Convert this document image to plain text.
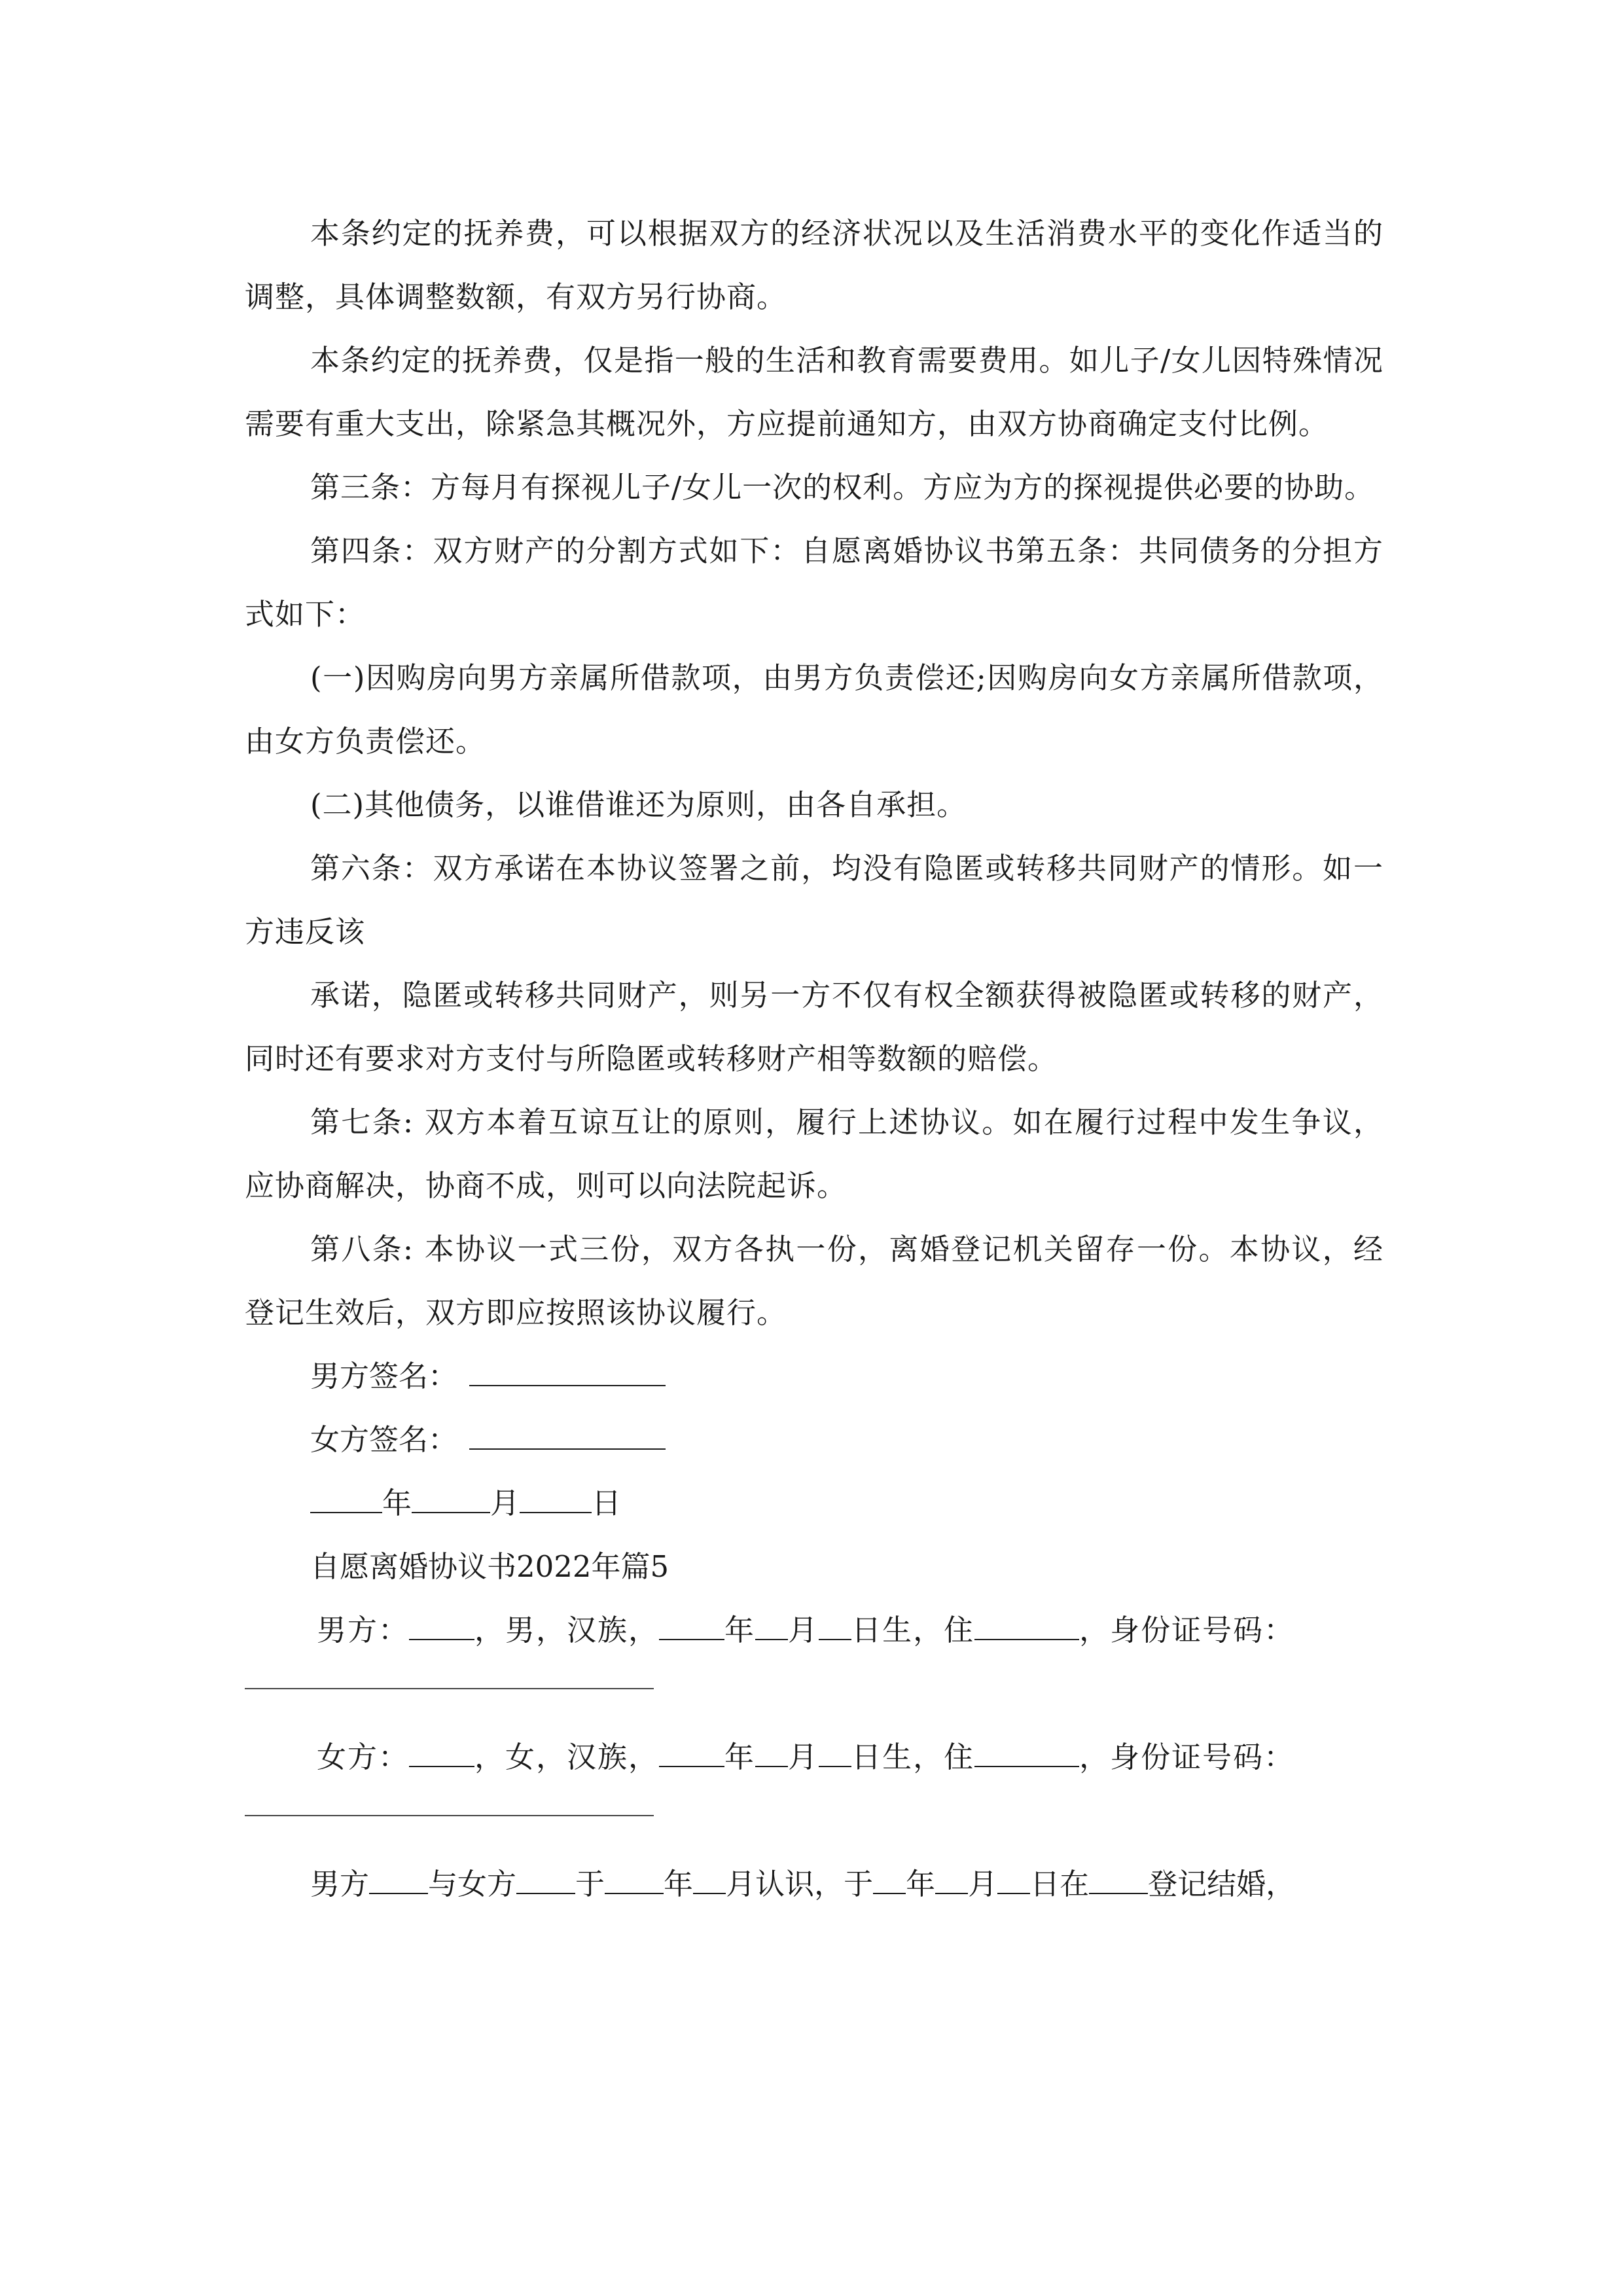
本条约定的抚养费，可以根据双方的经济状况以及生活消费水平的变化作适当的调整，具体调整数额，有双方另行协商。

本条约定的抚养费，仅是指一般的生活和教育需要费用。如儿子/女儿因特殊情况需要有重大支出，除紧急其概况外，方应提前通知方，由双方协商确定支付比例。

第三条：方每月有探视儿子/女儿一次的权利。方应为方的探视提供必要的协助。

第四条：双方财产的分割方式如下：自愿离婚协议书第五条：共同债务的分担方式如下：

(一)因购房向男方亲属所借款项，由男方负责偿还;因购房向女方亲属所借款项，由女方负责偿还。

(二)其他债务，以谁借谁还为原则，由各自承担。

第六条：双方承诺在本协议签署之前，均没有隐匿或转移共同财产的情形。如一方违反该

承诺，隐匿或转移共同财产，则另一方不仅有权全额获得被隐匿或转移的财产，同时还有要求对方支付与所隐匿或转移财产相等数额的赔偿。

第七条: 双方本着互谅互让的原则，履行上述协议。如在履行过程中发生争议，应协商解决，协商不成，则可以向法院起诉。

第八条: 本协议一式三份，双方各执一份，离婚登记机关留存一份。本协议，经登记生效后，双方即应按照该协议履行。

男方签名：

女方签名：

年	月 日

自愿离婚协议书2022年篇5

男方： ，男，汉族， 年 月 日生，住	，身份证号码：

女方： ，女，汉族， 年 月 日生，住	，身份证号码：

男方 与女方 于 年 月认识，于 年 月 日在 登记结婚，
